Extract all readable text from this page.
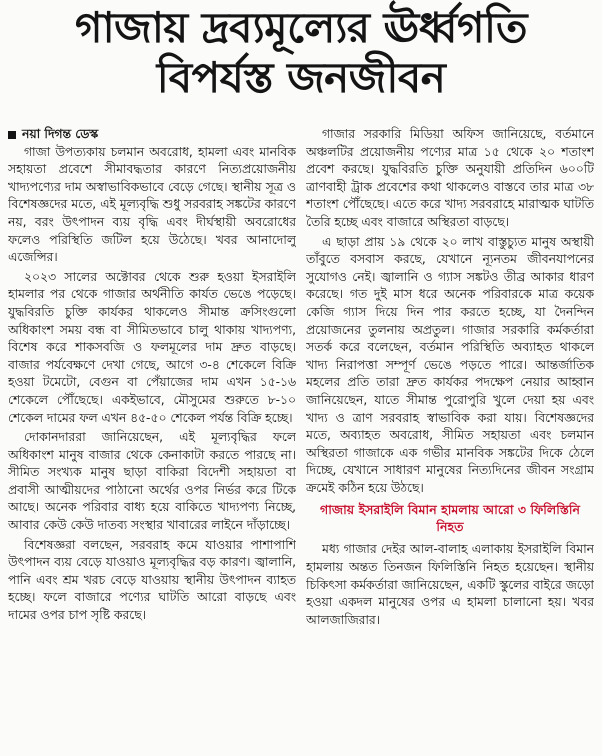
গাজায় দ্রব্যমূল্যের ঊর্ধ্বগতি
বিপর্যস্ত জনজীবন
নয়া দিগন্ত ডেস্ক

গাজা উপত্যকায় চলমান অবরোধ, হামলা এবং মানবিক সহায়তা প্রবেশে সীমাবদ্ধতার কারণে নিত্যপ্রয়োজনীয় খাদ্যপণ্যের দাম অস্বাভাবিকভাবে বেড়ে গেছে। স্থানীয় সূত্র ও বিশেষজ্ঞদের মতে, এই মূল্যবৃদ্ধি শুধু সরবরাহ সঙ্কটের কারণে নয়, বরং উৎপাদন ব্যয় বৃদ্ধি এবং দীর্ঘস্থায়ী অবরোধের ফলেও পরিস্থিতি জটিল হয়ে উঠেছে। খবর আনাদোলু এজেন্সির।

২০২৩ সালের অক্টোবর থেকে শুরু হওয়া ইসরাইলি হামলার পর থেকে গাজার অর্থনীতি কার্যত ভেঙে পড়েছে। যুদ্ধবিরতি চুক্তি কার্যকর থাকলেও সীমান্ত ক্রসিংগুলো অধিকাংশ সময় বন্ধ বা সীমিতভাবে চালু থাকায় খাদ্যপণ্য, বিশেষ করে শাকসবজি ও ফলমূলের দাম দ্রুত বাড়ছে। বাজার পর্যবেক্ষণে দেখা গেছে, আগে ৩-৪ শেকেলে বিক্রি হওয়া টমেটো, বেগুন বা পেঁয়াজের দাম এখন ১৫-১৬ শেকেলে পৌঁছেছে। একইভাবে, মৌসুমের শুরুতে ৮-১০ শেকেল দামের ফল এখন ৪৫-৫০ শেকেল পর্যন্ত বিক্রি হচ্ছে।

দোকানদাররা জানিয়েছেন, এই মূল্যবৃদ্ধির ফলে অধিকাংশ মানুষ বাজার থেকে কেনাকাটা করতে পারছে না। সীমিত সংখ্যক মানুষ ছাড়া বাকিরা বিদেশী সহায়তা বা প্রবাসী আত্মীয়দের পাঠানো অর্থের ওপর নির্ভর করে টিকে আছে। অনেক পরিবার বাধ্য হয়ে বাকিতে খাদ্যপণ্য নিচ্ছে, আবার কেউ কেউ দাতব্য সংস্থার খাবারের লাইনে দাঁড়াচ্ছে।

বিশেষজ্ঞরা বলছেন, সরবরাহ কমে যাওয়ার পাশাপাশি উৎপাদন ব্যয় বেড়ে যাওয়াও মূল্যবৃদ্ধির বড় কারণ। জ্বালানি, পানি এবং শ্রম খরচ বেড়ে যাওয়ায় স্থানীয় উৎপাদন ব্যাহত হচ্ছে। ফলে বাজারে পণ্যের ঘাটতি আরো বাড়ছে এবং দামের ওপর চাপ সৃষ্টি করছে।

গাজার সরকারি মিডিয়া অফিস জানিয়েছে, বর্তমানে অঞ্চলটির প্রয়োজনীয় পণ্যের মাত্র ১৫ থেকে ২০ শতাংশ প্রবেশ করছে। যুদ্ধবিরতি চুক্তি অনুযায়ী প্রতিদিন ৬০০টি ত্রাণবাহী ট্রাক প্রবেশের কথা থাকলেও বাস্তবে তার মাত্র ৩৮ শতাংশ পৌঁছেছে। এতে করে খাদ্য সরবরাহে মারাত্মক ঘাটতি তৈরি হচ্ছে এবং বাজারে অস্থিরতা বাড়ছে।

এ ছাড়া প্রায় ১৯ থেকে ২০ লাখ বাস্তুচ্যুত মানুষ অস্থায়ী তাঁবুতে বসবাস করছে, যেখানে ন্যূনতম জীবনযাপনের সুযোগও নেই। জ্বালানি ও গ্যাস সঙ্কটও তীব্র আকার ধারণ করেছে। গত দুই মাস ধরে অনেক পরিবারকে মাত্র কয়েক কেজি গ্যাস দিয়ে দিন পার করতে হচ্ছে, যা দৈনন্দিন প্রয়োজনের তুলনায় অপ্রতুল। গাজার সরকারি কর্মকর্তারা সতর্ক করে বলেছেন, বর্তমান পরিস্থিতি অব্যাহত থাকলে খাদ্য নিরাপত্তা সম্পূর্ণ ভেঙে পড়তে পারে। আন্তর্জাতিক মহলের প্রতি তারা দ্রুত কার্যকর পদক্ষেপ নেয়ার আহ্বান জানিয়েছেন, যাতে সীমান্ত পুরোপুরি খুলে দেয়া হয় এবং খাদ্য ও ত্রাণ সরবরাহ স্বাভাবিক করা যায়। বিশেষজ্ঞদের মতে, অব্যাহত অবরোধ, সীমিত সহায়তা এবং চলমান অস্থিরতা গাজাকে এক গভীর মানবিক সঙ্কটের দিকে ঠেলে দিচ্ছে, যেখানে সাধারণ মানুষের নিত্যদিনের জীবন সংগ্রাম ক্রমেই কঠিন হয়ে উঠছে।

গাজায় ইসরাইলি বিমান হামলায় আরো ৩ ফিলিস্তিনি নিহত

মধ্য গাজার দেইর আল-বালাহ এলাকায় ইসরাইলি বিমান হামলায় অন্তত তিনজন ফিলিস্তিনি নিহত হয়েছেন। স্থানীয় চিকিৎসা কর্মকর্তারা জানিয়েছেন, একটি স্কুলের বাইরে জড়ো হওয়া একদল মানুষের ওপর এ হামলা চালানো হয়। খবর আলজাজিরার।
